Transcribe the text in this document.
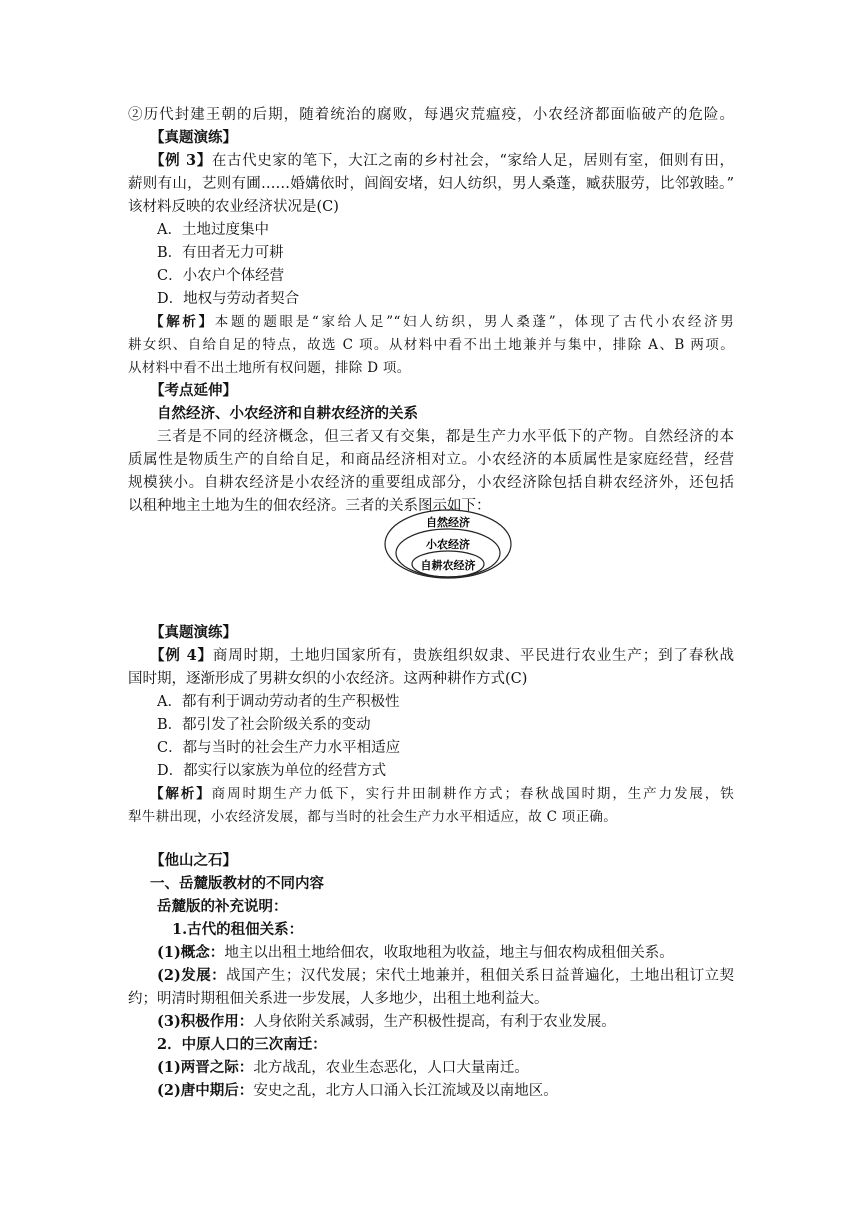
②历代封建王朝的后期，随着统治的腐败，每遇灾荒瘟疫，小农经济都面临破产的危险。
【真题演练】
【例 3】在古代史家的笔下，大江之南的乡村社会，“家给人足，居则有室，佃则有田，
薪则有山，艺则有圃……婚媾依时，闾阎安堵，妇人纺织，男人桑蓬，臧获服劳，比邻敦睦。”
该材料反映的农业经济状况是(C)
A．土地过度集中
B．有田者无力可耕
C．小农户个体经营
D．地权与劳动者契合
【解析】本题的题眼是“家给人足”“妇人纺织，男人桑蓬”，体现了古代小农经济男
耕女织、自给自足的特点，故选 C 项。从材料中看不出土地兼并与集中，排除 A、B 两项。
从材料中看不出土地所有权问题，排除 D 项。
【考点延伸】
自然经济、小农经济和自耕农经济的关系
三者是不同的经济概念，但三者又有交集，都是生产力水平低下的产物。自然经济的本
质属性是物质生产的自给自足，和商品经济相对立。小农经济的本质属性是家庭经营，经营
规模狭小。自耕农经济是小农经济的重要组成部分，小农经济除包括自耕农经济外，还包括
以租种地主土地为生的佃农经济。三者的关系图示如下：
自然经济
小农经济
自耕农经济
【真题演练】
【例 4】商周时期，土地归国家所有，贵族组织奴隶、平民进行农业生产；到了春秋战
国时期，逐渐形成了男耕女织的小农经济。这两种耕作方式(C)
A．都有利于调动劳动者的生产积极性
B．都引发了社会阶级关系的变动
C．都与当时的社会生产力水平相适应
D．都实行以家族为单位的经营方式
【解析】商周时期生产力低下，实行井田制耕作方式；春秋战国时期，生产力发展，铁
犁牛耕出现，小农经济发展，都与当时的社会生产力水平相适应，故 C 项正确。
【他山之石】
一、岳麓版教材的不同内容
岳麓版的补充说明：
1.古代的租佃关系：
(1)概念：地主以出租土地给佃农，收取地租为收益，地主与佃农构成租佃关系。
(2)发展：战国产生；汉代发展；宋代土地兼并，租佃关系日益普遍化，土地出租订立契
约；明清时期租佃关系进一步发展，人多地少，出租土地利益大。
(3)积极作用：人身依附关系减弱，生产积极性提高，有利于农业发展。
2．中原人口的三次南迁：
(1)两晋之际：北方战乱，农业生态恶化，人口大量南迁。
(2)唐中期后：安史之乱，北方人口涌入长江流域及以南地区。
